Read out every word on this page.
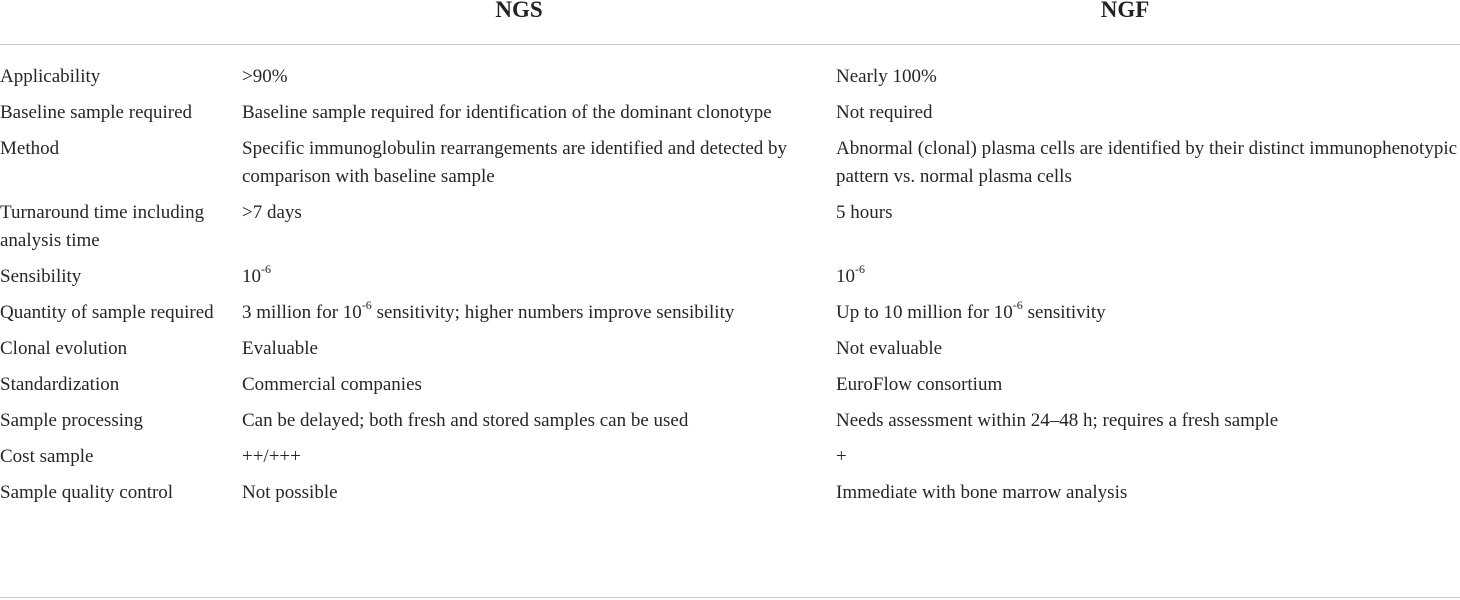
	NGS	NGF
Applicability	>90%	Nearly 100%
Baseline sample required	Baseline sample required for identification of the dominant clonotype	Not required
Method	Specific immunoglobulin rearrangements are identified and detected by comparison with baseline sample	Abnormal (clonal) plasma cells are identified by their distinct immunophenotypic pattern vs. normal plasma cells
Turnaround time including analysis time	>7 days	5 hours
Sensibility	$10^{-6}$	$10^{-6}$
Quantity of sample required	3 million for $10^{-6}$ sensitivity; higher numbers improve sensibility	Up to 10 million for $10^{-6}$ sensitivity
Clonal evolution	Evaluable	Not evaluable
Standardization	Commercial companies	EuroFlow consortium
Sample processing	Can be delayed; both fresh and stored samples can be used	Needs assessment within 24–48 h; requires a fresh sample
Cost sample	++/+++	+
Sample quality control	Not possible	Immediate with bone marrow analysis
